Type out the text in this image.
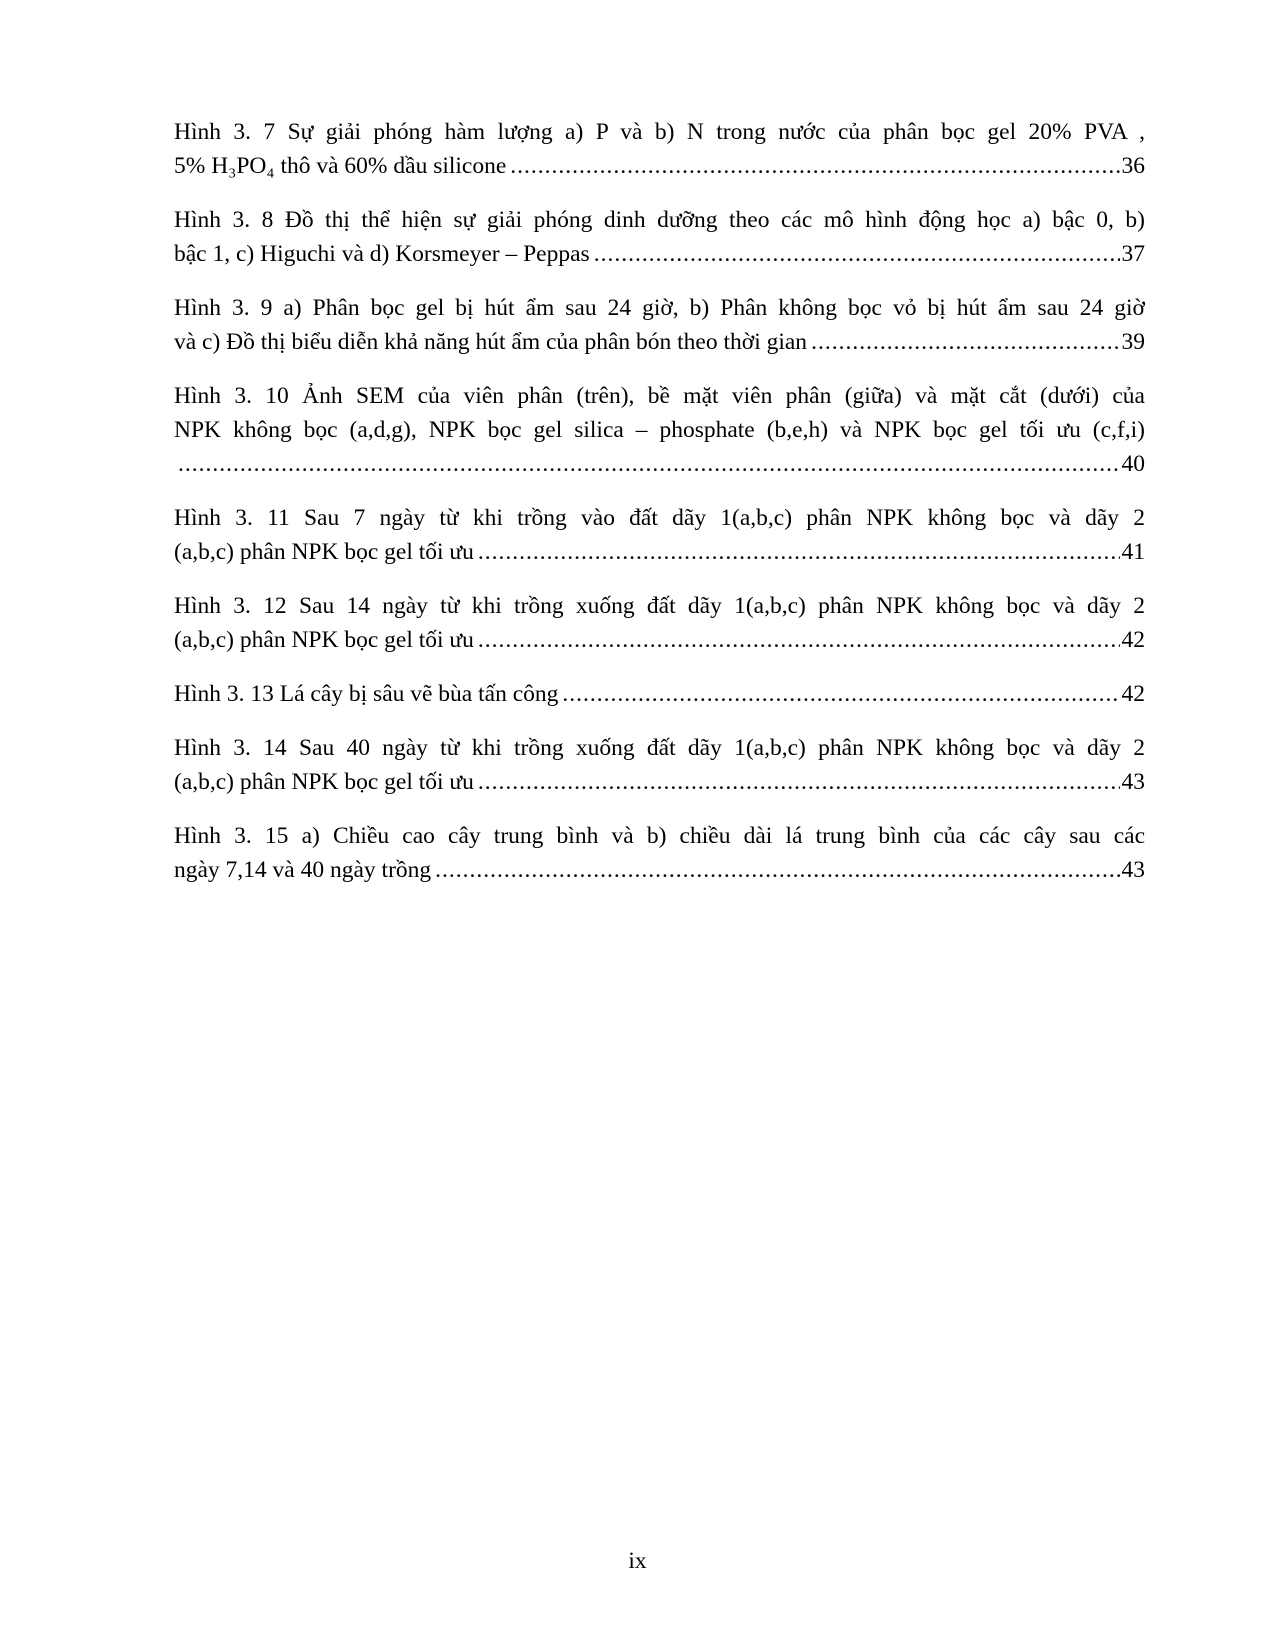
Hình 3. 7 Sự giải phóng hàm lượng a) P và b) N trong nước của phân bọc gel 20% PVA ,
5% H₃PO₄ thô và 60% dầu silicone .....	36
Hình 3. 8 Đồ thị thể hiện sự giải phóng dinh dưỡng theo các mô hình động học a) bậc 0, b)
bậc 1, c) Higuchi và d) Korsmeyer – Peppas .....	37
Hình 3. 9 a) Phân bọc gel bị hút ẩm sau 24 giờ, b) Phân không bọc vỏ bị hút ẩm sau 24 giờ
và c) Đồ thị biểu diễn khả năng hút ẩm của phân bón theo thời gian .....	39
Hình 3. 10 Ảnh SEM của viên phân (trên), bề mặt viên phân (giữa) và mặt cắt (dưới) của
NPK không bọc (a,d,g), NPK bọc gel silica – phosphate (b,e,h) và NPK bọc gel tối ưu (c,f,i)
.....
40
Hình 3. 11 Sau 7 ngày từ khi trồng vào đất dãy 1(a,b,c) phân NPK không bọc và dãy 2
(a,b,c) phân NPK bọc gel tối ưu .....	41
Hình 3. 12 Sau 14 ngày từ khi trồng xuống đất dãy 1(a,b,c) phân NPK không bọc và dãy 2
(a,b,c) phân NPK bọc gel tối ưu .....	42
Hình 3. 13 Lá cây bị sâu vẽ bùa tấn công .....	42
Hình 3. 14 Sau 40 ngày từ khi trồng xuống đất dãy 1(a,b,c) phân NPK không bọc và dãy 2
(a,b,c) phân NPK bọc gel tối ưu .....	43
Hình 3. 15 a) Chiều cao cây trung bình và b) chiều dài lá trung bình của các cây sau các
ngày 7,14 và 40 ngày trồng .....	43
ix
